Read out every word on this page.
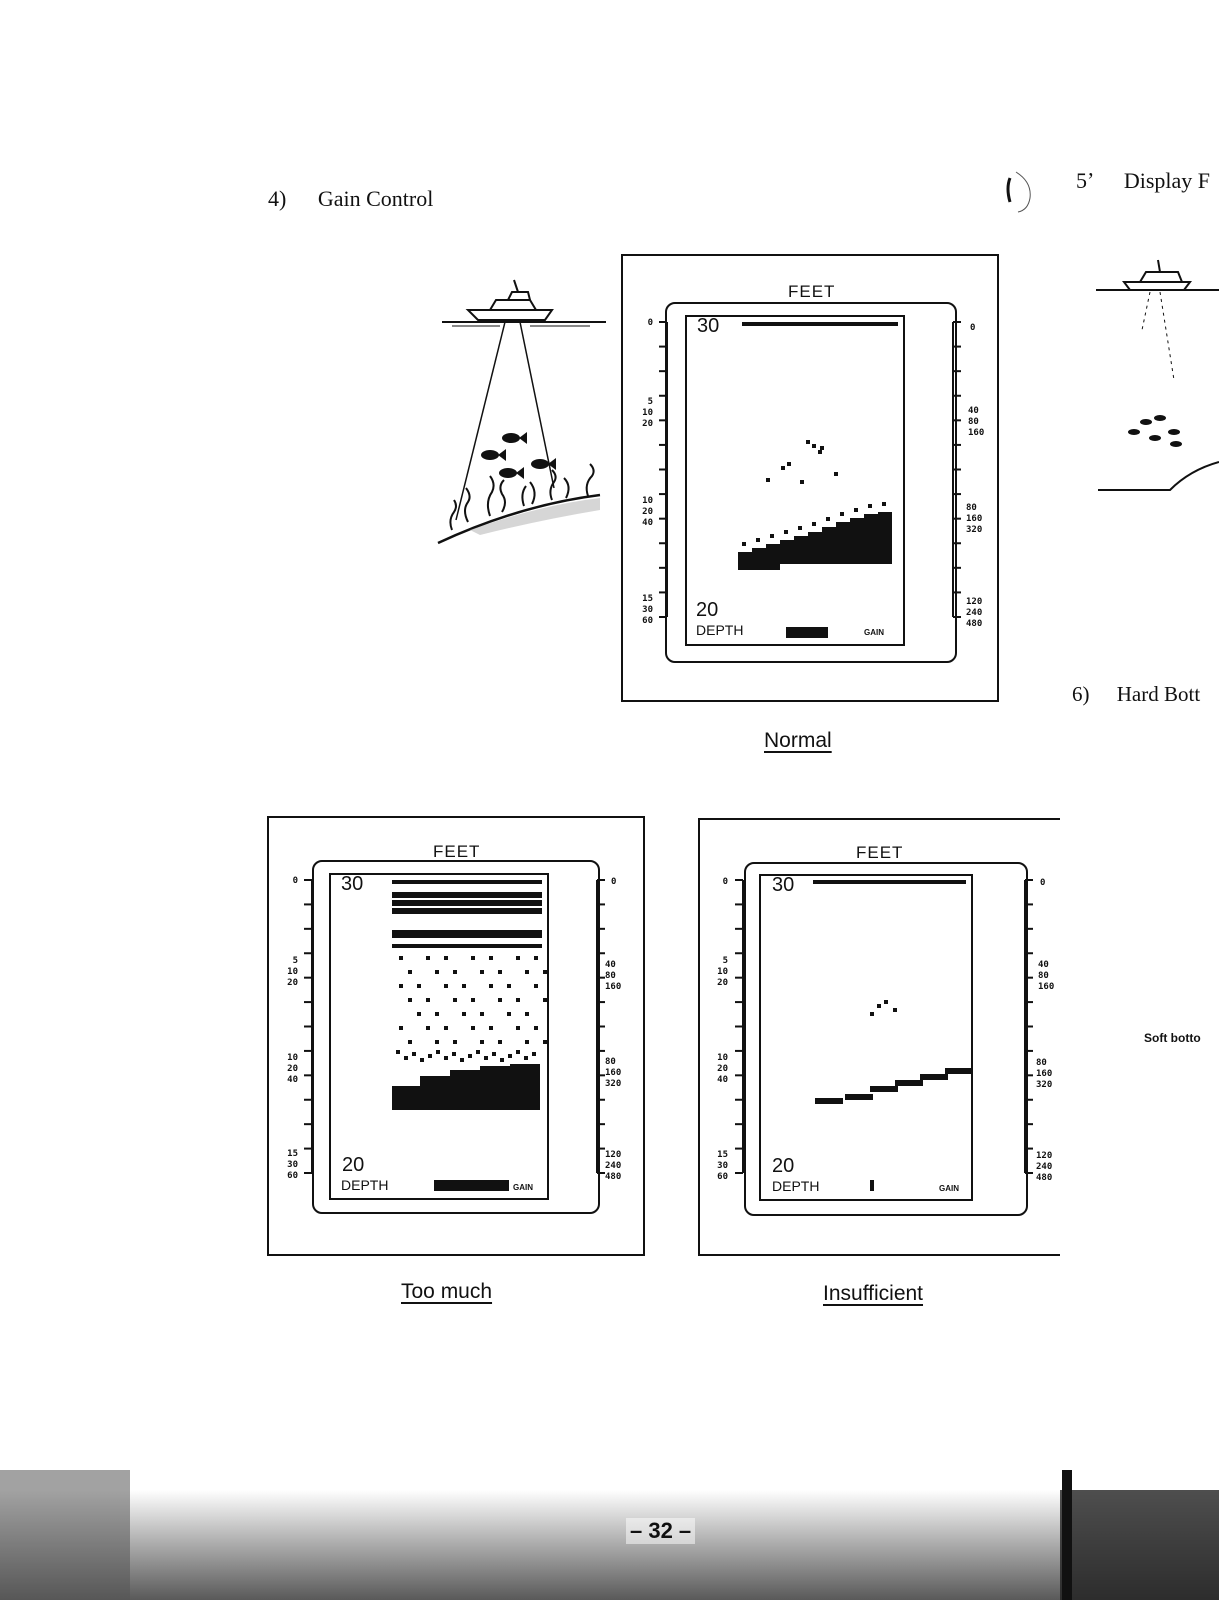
4) Gain Control
5ʼ Display F
6) Hard Bott
Soft botto
FEET
30
20
DEPTH	GAIN
0
5
10
20
10
20
40
15
30
60
0
40
80
160
80
160
320
120
240
480
Normal
FEET
30
20
DEPTH	GAIN
0
5
10
20
10
20
40
15
30
60
0
40
80
160
80
160
320
120
240
480
Too much
FEET
30
20
DEPTH	GAIN
0
5
10
20
10
20
40
15
30
60
0
40
80
160
80
160
320
120
240
480
Insufficient
– 32 –
